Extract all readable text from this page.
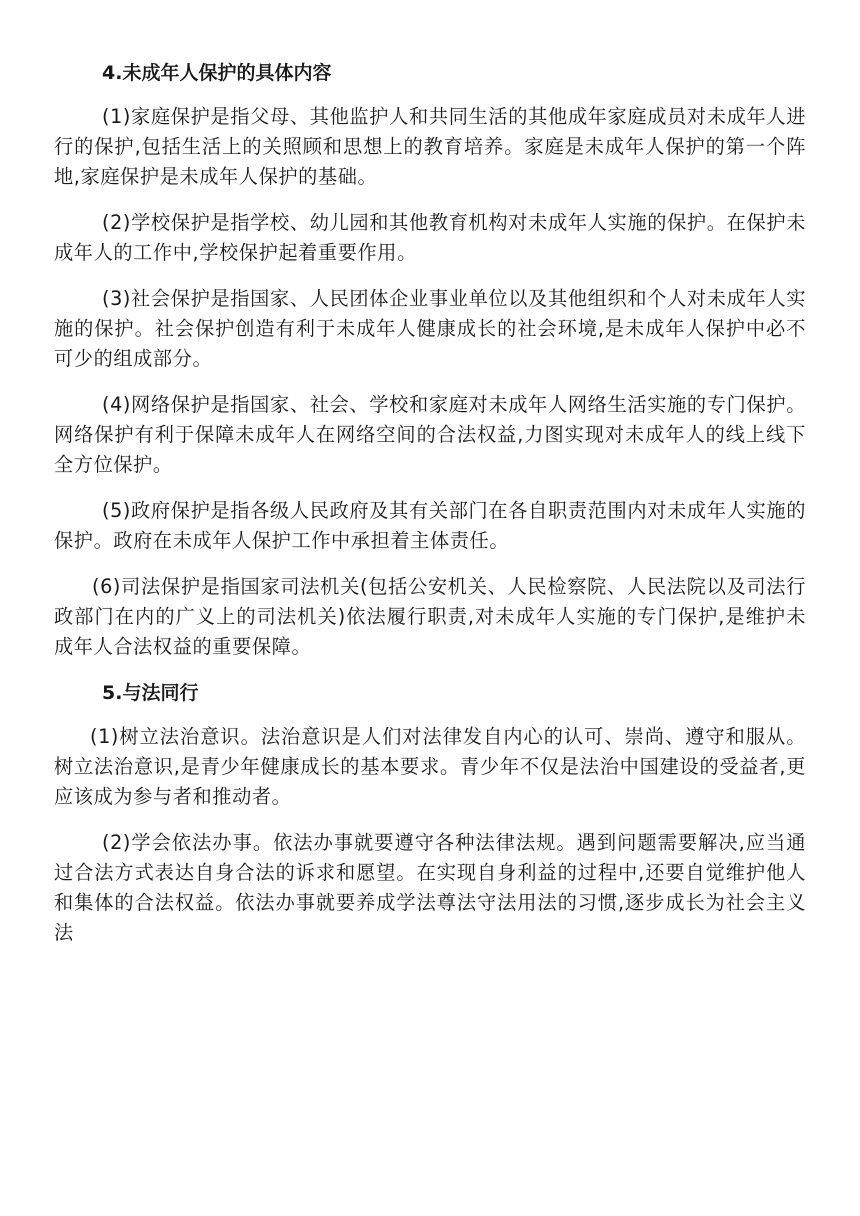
4.未成年人保护的具体内容

(1)家庭保护是指父母、其他监护人和共同生活的其他成年家庭成员对未成年人进行的保护,包括生活上的关照顾和思想上的教育培养。家庭是未成年人保护的第一个阵地,家庭保护是未成年人保护的基础。

(2)学校保护是指学校、幼儿园和其他教育机构对未成年人实施的保护。在保护未成年人的工作中,学校保护起着重要作用。

(3)社会保护是指国家、人民团体企业事业单位以及其他组织和个人对未成年人实施的保护。社会保护创造有利于未成年人健康成长的社会环境,是未成年人保护中必不可少的组成部分。

(4)网络保护是指国家、社会、学校和家庭对未成年人网络生活实施的专门保护。网络保护有利于保障未成年人在网络空间的合法权益,力图实现对未成年人的线上线下全方位保护。

(5)政府保护是指各级人民政府及其有关部门在各自职责范围内对未成年人实施的保护。政府在未成年人保护工作中承担着主体责任。

(6)司法保护是指国家司法机关(包括公安机关、人民检察院、人民法院以及司法行政部门在内的广义上的司法机关)依法履行职责,对未成年人实施的专门保护,是维护未成年人合法权益的重要保障。

5.与法同行

(1)树立法治意识。法治意识是人们对法律发自内心的认可、崇尚、遵守和服从。树立法治意识,是青少年健康成长的基本要求。青少年不仅是法治中国建设的受益者,更应该成为参与者和推动者。

(2)学会依法办事。依法办事就要遵守各种法律法规。遇到问题需要解决,应当通过合法方式表达自身合法的诉求和愿望。在实现自身利益的过程中,还要自觉维护他人和集体的合法权益。依法办事就要养成学法尊法守法用法的习惯,逐步成长为社会主义法
